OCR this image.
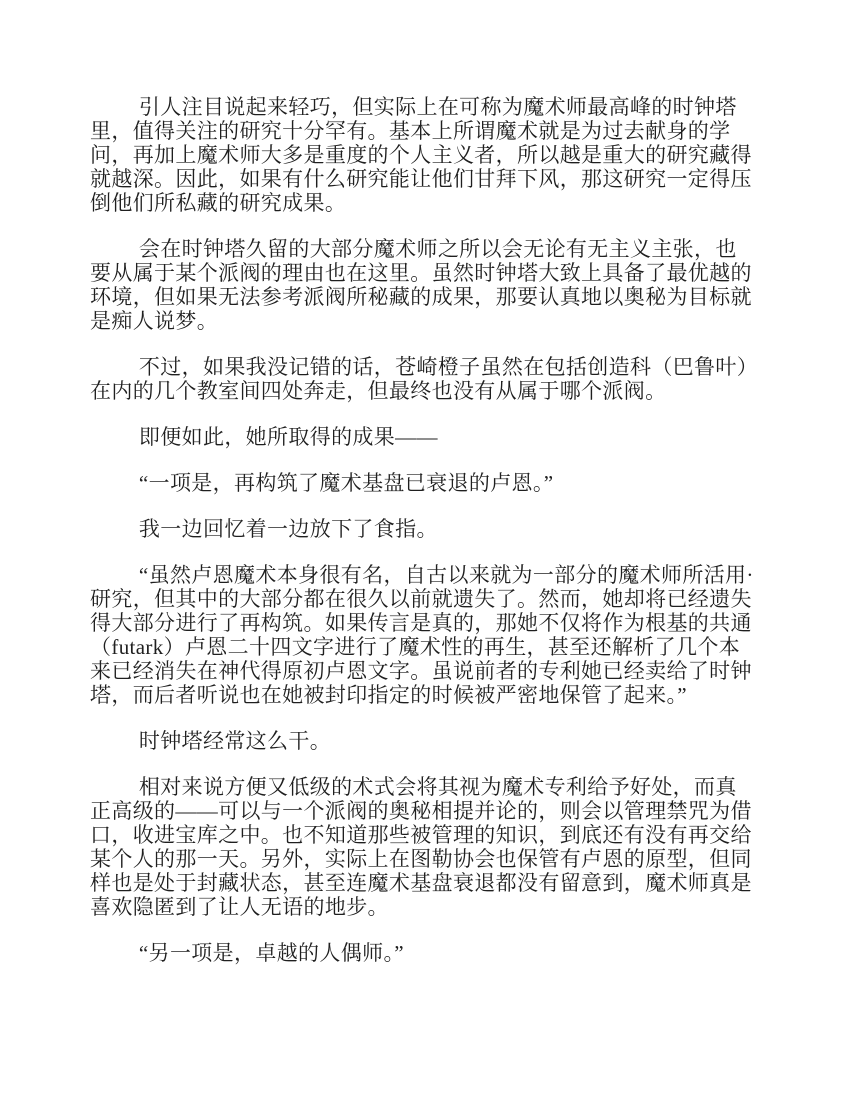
引人注目说起来轻巧，但实际上在可称为魔术师最高峰的时钟塔里，值得关注的研究十分罕有。基本上所谓魔术就是为过去献身的学问，再加上魔术师大多是重度的个人主义者，所以越是重大的研究藏得就越深。因此，如果有什么研究能让他们甘拜下风，那这研究一定得压倒他们所私藏的研究成果。

会在时钟塔久留的大部分魔术师之所以会无论有无主义主张，也要从属于某个派阀的理由也在这里。虽然时钟塔大致上具备了最优越的环境，但如果无法参考派阀所秘藏的成果，那要认真地以奥秘为目标就是痴人说梦。

不过，如果我没记错的话，苍崎橙子虽然在包括创造科（巴鲁叶）在内的几个教室间四处奔走，但最终也没有从属于哪个派阀。

即便如此，她所取得的成果——

“一项是，再构筑了魔术基盘已衰退的卢恩。”

我一边回忆着一边放下了食指。

“虽然卢恩魔术本身很有名，自古以来就为一部分的魔术师所活用·研究，但其中的大部分都在很久以前就遗失了。然而，她却将已经遗失得大部分进行了再构筑。如果传言是真的，那她不仅将作为根基的共通（futark）卢恩二十四文字进行了魔术性的再生，甚至还解析了几个本来已经消失在神代得原初卢恩文字。虽说前者的专利她已经卖给了时钟塔，而后者听说也在她被封印指定的时候被严密地保管了起来。”

时钟塔经常这么干。

相对来说方便又低级的术式会将其视为魔术专利给予好处，而真正高级的——可以与一个派阀的奥秘相提并论的，则会以管理禁咒为借口，收进宝库之中。也不知道那些被管理的知识，到底还有没有再交给某个人的那一天。另外，实际上在图勒协会也保管有卢恩的原型，但同样也是处于封藏状态，甚至连魔术基盘衰退都没有留意到，魔术师真是喜欢隐匿到了让人无语的地步。

“另一项是，卓越的人偶师。”
